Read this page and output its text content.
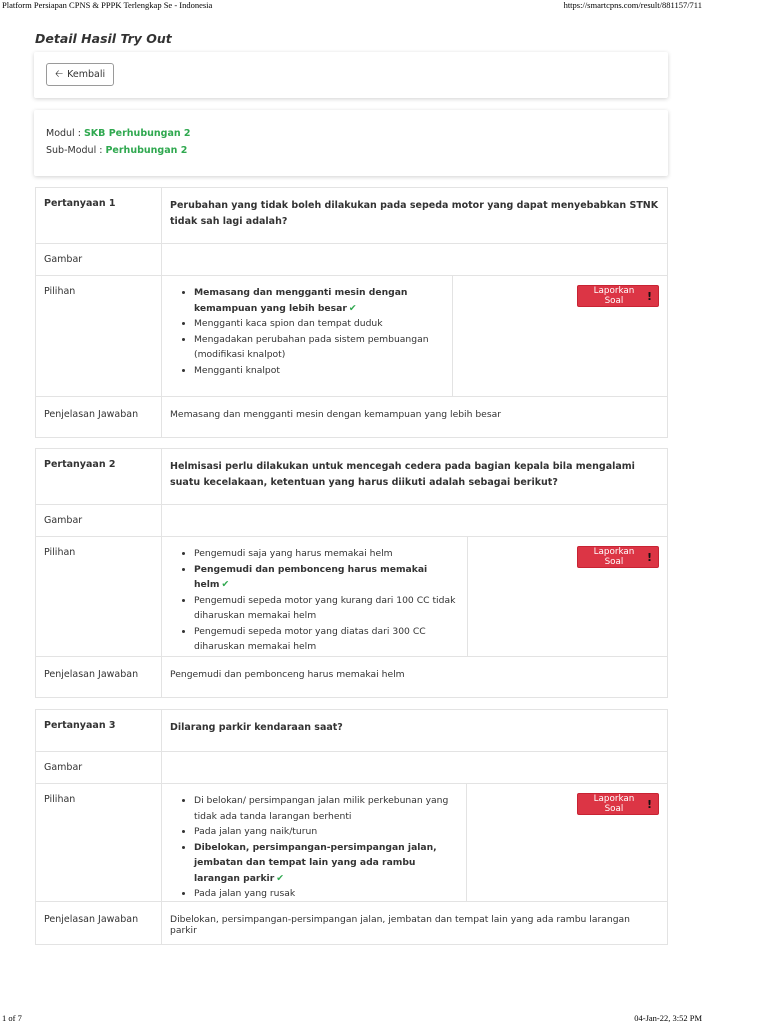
Platform Persiapan CPNS & PPPK Terlengkap Se - Indonesia	https://smartcpns.com/result/881157/711
Detail Hasil Try Out
🡠 Kembali
Modul : SKB Perhubungan 2
Sub-Modul : Perhubungan 2
Pertanyaan 1	Perubahan yang tidak boleh dilakukan pada sepeda motor yang dapat menyebabkan STNK tidak sah lagi adalah?
Gambar
Pilihan	• Memasang dan mengganti mesin dengan kemampuan yang lebih besar ✔
• Mengganti kaca spion dan tempat duduk
• Mengadakan perubahan pada sistem pembuangan (modifikasi knalpot)
• Mengganti knalpot
Laporkan Soal	!
Penjelasan Jawaban	Memasang dan mengganti mesin dengan kemampuan yang lebih besar
Pertanyaan 2	Helmisasi perlu dilakukan untuk mencegah cedera pada bagian kepala bila mengalami suatu kecelakaan, ketentuan yang harus diikuti adalah sebagai berikut?
Gambar
Pilihan	• Pengemudi saja yang harus memakai helm
• Pengemudi dan pembonceng harus memakai helm ✔
• Pengemudi sepeda motor yang kurang dari 100 CC tidak diharuskan memakai helm
• Pengemudi sepeda motor yang diatas dari 300 CC diharuskan memakai helm
Laporkan Soal	!
Penjelasan Jawaban	Pengemudi dan pembonceng harus memakai helm
Pertanyaan 3	Dilarang parkir kendaraan saat?
Gambar
Pilihan	• Di belokan/ persimpangan jalan milik perkebunan yang tidak ada tanda larangan berhenti
• Pada jalan yang naik/turun
• Dibelokan, persimpangan-persimpangan jalan, jembatan dan tempat lain yang ada rambu larangan parkir ✔
• Pada jalan yang rusak
Laporkan Soal	!
Penjelasan Jawaban	Dibelokan, persimpangan-persimpangan jalan, jembatan dan tempat lain yang ada rambu larangan parkir
1 of 7	04-Jan-22, 3:52 PM
